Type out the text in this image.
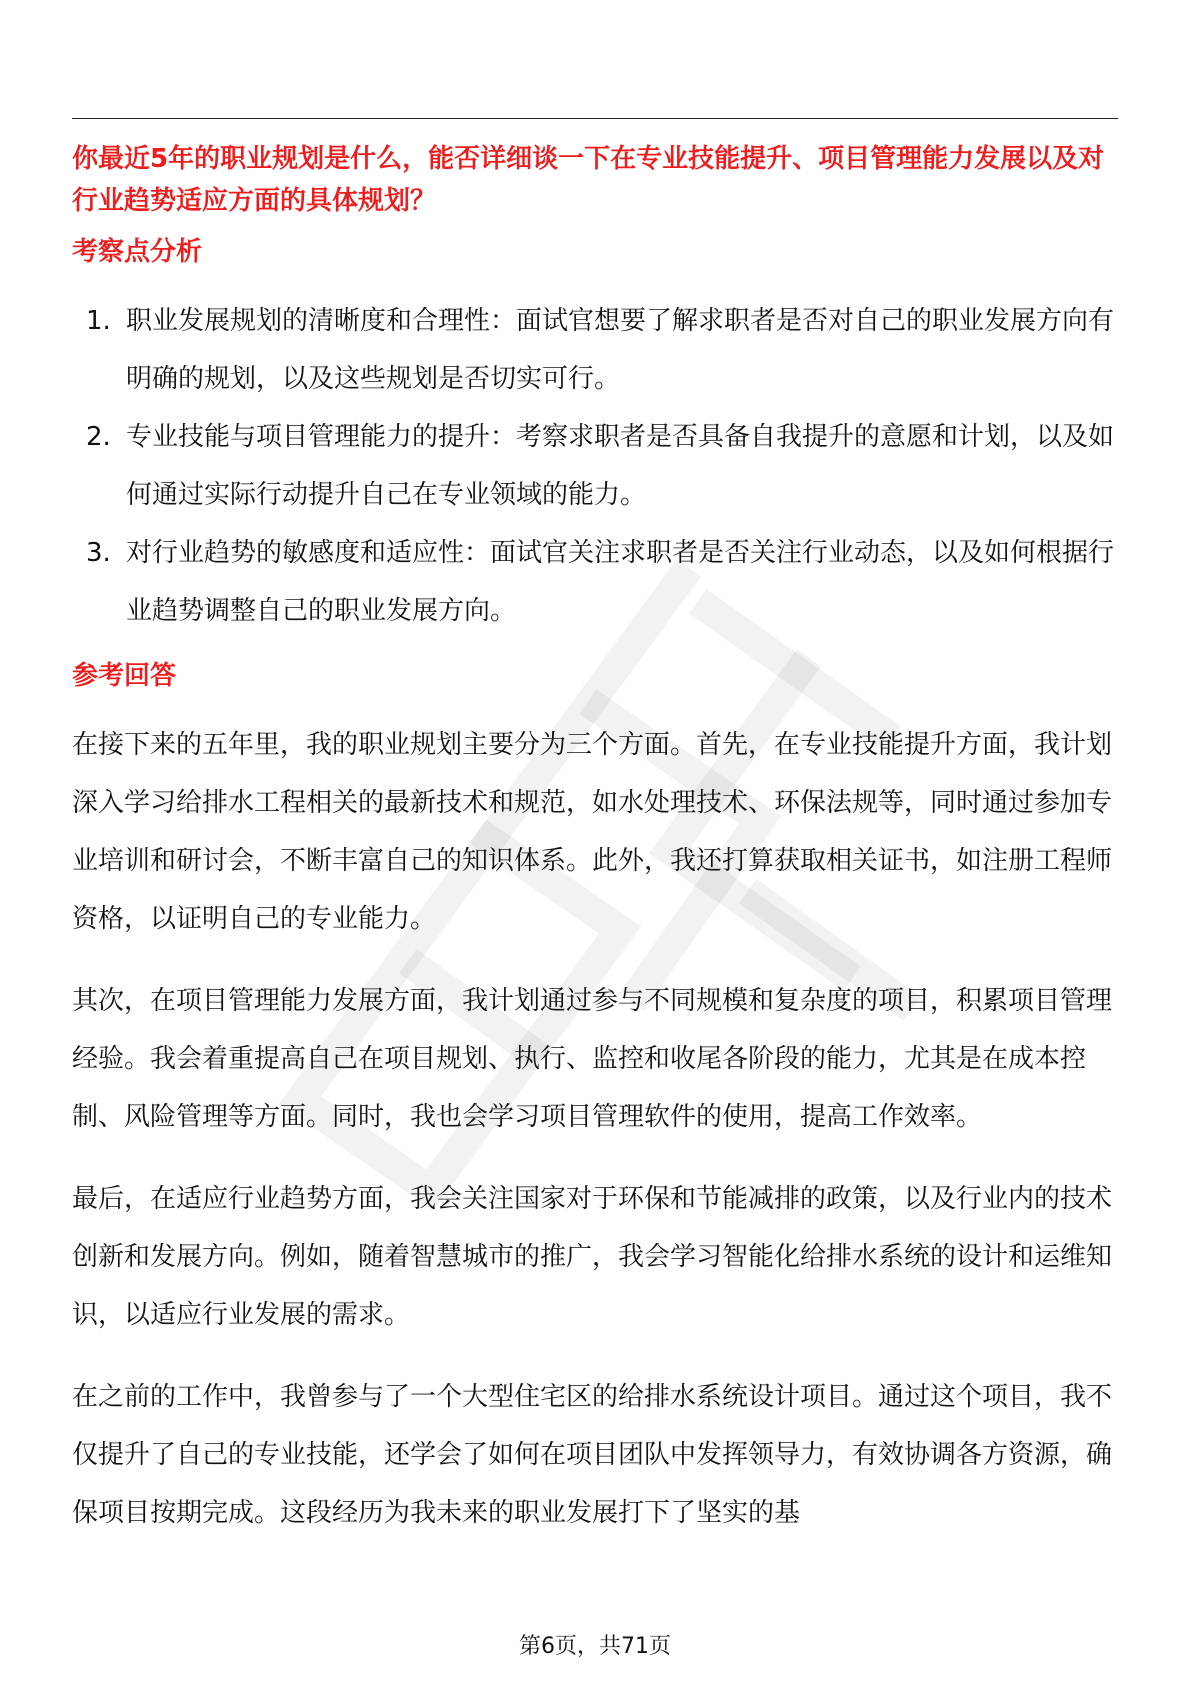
你最近5年的职业规划是什么，能否详细谈一下在专业技能提升、项目管理能力发展以及对行业趋势适应方面的具体规划？
考察点分析
1. 职业发展规划的清晰度和合理性：面试官想要了解求职者是否对自己的职业发展方向有明确的规划，以及这些规划是否切实可行。
2. 专业技能与项目管理能力的提升：考察求职者是否具备自我提升的意愿和计划，以及如何通过实际行动提升自己在专业领域的能力。
3. 对行业趋势的敏感度和适应性：面试官关注求职者是否关注行业动态，以及如何根据行业趋势调整自己的职业发展方向。
参考回答

在接下来的五年里，我的职业规划主要分为三个方面。首先，在专业技能提升方面，我计划深入学习给排水工程相关的最新技术和规范，如水处理技术、环保法规等，同时通过参加专业培训和研讨会，不断丰富自己的知识体系。此外，我还打算获取相关证书，如注册工程师资格，以证明自己的专业能力。

其次，在项目管理能力发展方面，我计划通过参与不同规模和复杂度的项目，积累项目管理经验。我会着重提高自己在项目规划、执行、监控和收尾各阶段的能力，尤其是在成本控制、风险管理等方面。同时，我也会学习项目管理软件的使用，提高工作效率。

最后，在适应行业趋势方面，我会关注国家对于环保和节能减排的政策，以及行业内的技术创新和发展方向。例如，随着智慧城市的推广，我会学习智能化给排水系统的设计和运维知识，以适应行业发展的需求。

在之前的工作中，我曾参与了一个大型住宅区的给排水系统设计项目。通过这个项目，我不仅提升了自己的专业技能，还学会了如何在项目团队中发挥领导力，有效协调各方资源，确保项目按期完成。这段经历为我未来的职业发展打下了坚实的基

第6页，共71页
